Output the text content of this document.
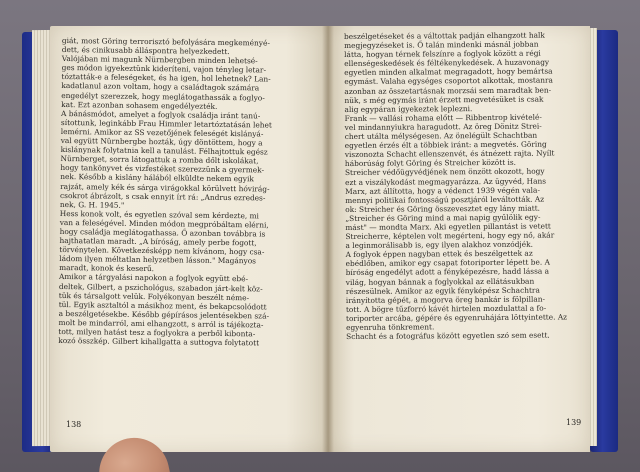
giát, most Göring terrorisztó befolyására megkeményé-
dett, és cinikusabb álláspontra helyezkedett.
Valójában mi magunk Nürnbergben minden lehetsé-
ges módon igyekeztünk kideríteni, vajon tényleg letar-
tóztatták-e a feleségeket, és ha igen, hol lehetnek? Lan-
kadatlanul azon voltam, hogy a családtagok számára
engedélyt szerezzek, hogy meglátogathassák a foglyo-
kat. Ezt azonban sohasem engedélyezték.
A bánásmódot, amelyet a foglyok családja iránt tanú-
sítottunk, leginkább Frau Himmler letartóztatásán lehet
lemérni. Amikor az SS vezetőjének feleségét kislányá-
val együtt Nürnbergbe hozták, úgy döntöttem, hogy a
kislánynak folytatnia kell a tanulást. Félhajtottuk egész
Nürnberget, sorra látogattuk a romba dőlt iskolákat,
hogy tankönyvet és vizfestéket szerezzünk a gyermek-
nek. Később a kislány hálából elküldte nekem egyik
rajzát, amely kék és sárga virágokkal körülvett hóvirág-
csokrot ábrázolt, s csak ennyit írt rá: „Andrus ezredes-
nek, G. H. 1945."
Hess konok volt, és egyetlen szóval sem kérdezte, mi
van a feleségével. Minden módon megpróbáltam elérni,
hogy családja meglátogathassa. Ő azonban továbbra is
hajthatatlan maradt. „A bíróság, amely perbe fogott,
törvénytelen. Következésképp nem kívánom, hogy csa-
ládom ilyen méltatlan helyzetben lásson." Magányos
maradt, konok és keserű.
Amikor a tárgyalási napokon a foglyok együtt ebé-
deltek, Gilbert, a pszichológus, szabadon járt-kelt köz-
tük és társalgott velük. Folyékonyan beszélt néme-
tül. Egyik asztaltól a másikhoz ment, és bekapcsolódott
a beszélgetésekbe. Később gépírásos jelentésekben szá-
molt be mindarról, ami elhangzott, s arról is tájékozta-
tott, milyen hatást tesz a foglyokra a perből kibonta-
kozó összkép. Gilbert kihallgatta a suttogva folytatott

beszélgetéseket és a váltottak padján elhangzott halk
megjegyzéseket is. Ő talán mindenki másnál jobban
látta, hogyan térnek felszínre a foglyok között a régi
ellenségeskedések és féltékenykedések. A huzavonagy
egyetlen minden alkalmat megragadott, hogy bemártsa
egymást. Valaha egységes csoportot alkottak, mostanra
azonban az összetartásnak morzsái sem maradtak ben-
nük, s még egymás iránt érzett megvetésüket is csak
alig egypáran igyekeztek leplezni.
Frank — vallási rohama előtt — Ribbentrop kivételé-
vel mindannyiukra haragudott. Az öreg Dönitz Strei-
chert utálta mélységesen. Az önelégült Schachtban
egyetlen érzés élt a többiek iránt: a megvetés. Göring
viszonozta Schacht ellenszenvét, és átnézett rajta. Nyílt
háborúság folyt Göring és Streicher között is.
Streicher védőügyvédjének nem önzött okozott, hogy
ezt a viszálykodást megmagyarázza. Az ügyvéd, Hans
Marx, azt állította, hogy a védenct 1939 végén vala-
mennyi politikai fontosságú posztjáról leváltották. Az
ok: Streicher és Göring összevesztet egy lány miatt.
„Streicher és Göring mind a mai napig gyűlölik egy-
mást" — mondta Marx. Aki egyetlen pillantást is vetett
Streicherre, képtelen volt megérteni, hogy egy nő, akár
a leginmorálisabb is, egy ilyen alakhoz vonzódjék.
A foglyok éppen nagyban ettek és beszélgettek az
ebédlőben, amikor egy csapat fotoriporter lépett be. A
bíróság engedélyt adott a fényképezésre, hadd lássa a
világ, hogyan bánnak a foglyokkal az ellátásukban
részesülnek. Amikor az egyik fényképész Schachtra
irányította gépét, a mogorva öreg bankár is fölpillan-
tott. A bögre tűzforró kávét hirtelen mozdulattal a fo-
toriporter arcába, gépére és egyenruhájára löttyintette. Az
egyenruha tönkrement.
Schacht és a fotográfus között egyetlen szó sem esett.

138	139
